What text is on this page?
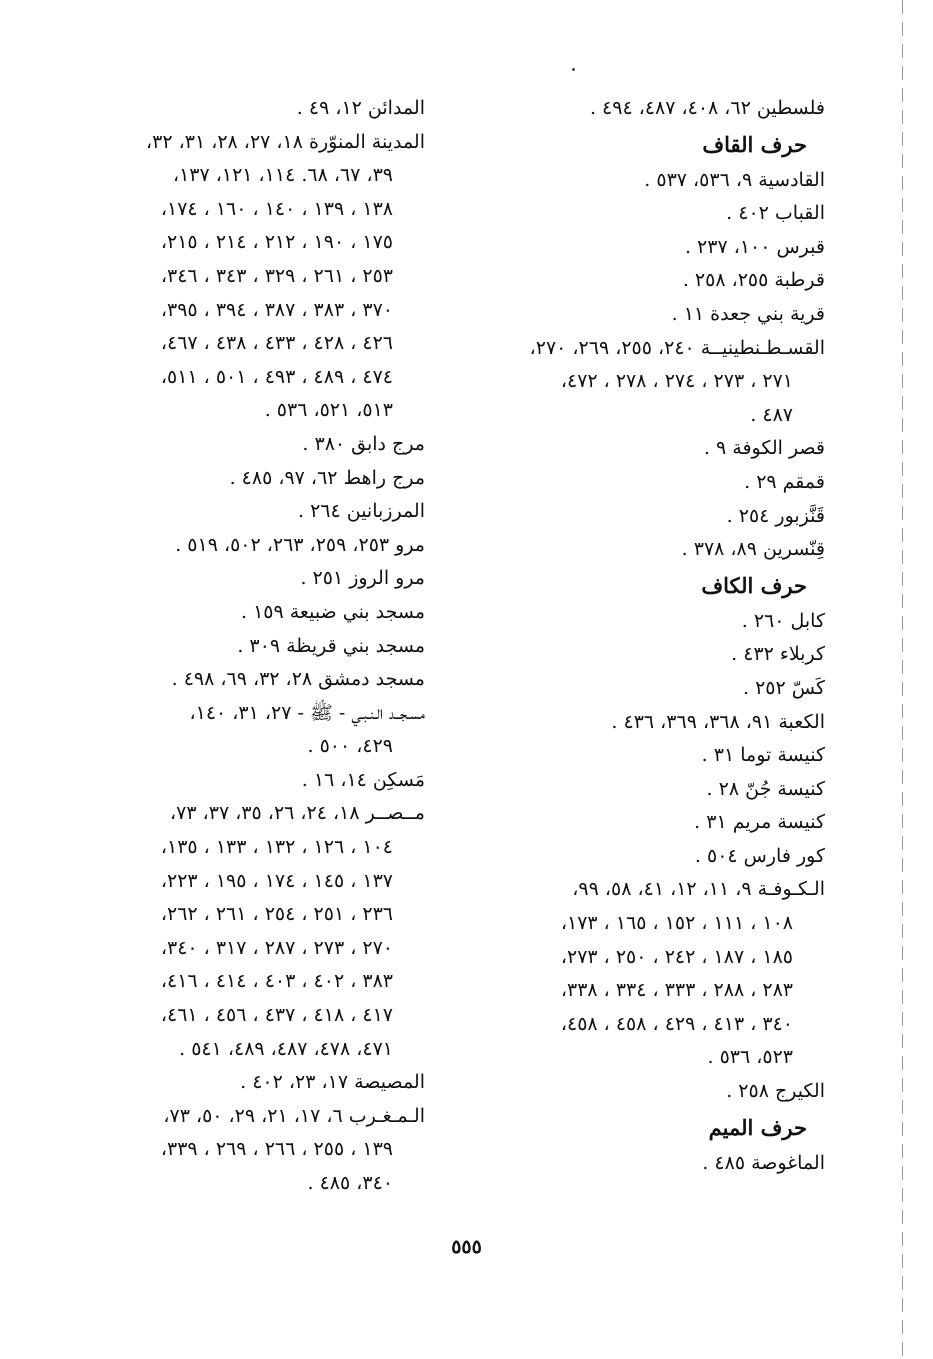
فلسطين ٦٢، ٤٠٨، ٤٨٧، ٤٩٤ .
حرف القاف
القادسية ٩، ٥٣٦، ٥٣٧ .
القباب ٤٠٢ .
قبرس ١٠٠، ٢٣٧ .
قرطبة ٢٥٥، ٢٥٨ .
قرية بني جعدة ١١ .
القسـطـنطينيــة ٢٤٠، ٢٥٥، ٢٦٩، ٢٧٠،
٢٧١ ، ٢٧٣ ، ٢٧٤ ، ٢٧٨ ، ٤٧٢،
٤٨٧ .
قصر الكوفة ٩ .
قمقم ٢٩ .
قَنَّزبور ٢٥٤ .
قِنّسرين ٨٩، ٣٧٨ .
حرف الكاف
كابل ٢٦٠ .
كربلاء ٤٣٢ .
كَسّ ٢٥٢ .
الكعبة ٩١، ٣٦٨، ٣٦٩، ٤٣٦ .
كنيسة توما ٣١ .
كنيسة جُنّ ٢٨ .
كنيسة مريم ٣١ .
كور فارس ٥٠٤ .
الـكـوفـة ٩، ١١، ١٢، ٤١، ٥٨، ٩٩،
١٠٨ ، ١١١ ، ١٥٢ ، ١٦٥ ، ١٧٣،
١٨٥ ، ١٨٧ ، ٢٤٢ ، ٢٥٠ ، ٢٧٣،
٢٨٣ ، ٢٨٨ ، ٣٣٣ ، ٣٣٤ ، ٣٣٨،
٣٤٠ ، ٤١٣ ، ٤٢٩ ، ٤٥٨ ، ٤٥٨،
٥٢٣، ٥٣٦ .
الكيرج ٢٥٨ .
حرف الميم
الماغوصة ٤٨٥ .
المدائن ١٢، ٤٩ .
المدينة المنوّرة ١٨، ٢٧، ٢٨، ٣١، ٣٢،
٣٩، ٦٧، ٦٨. ١١٤، ١٢١، ١٣٧،
١٣٨ ، ١٣٩ ، ١٤٠ ، ١٦٠ ، ١٧٤،
١٧٥ ، ١٩٠ ، ٢١٢ ، ٢١٤ ، ٢١٥،
٢٥٣ ، ٢٦١ ، ٣٢٩ ، ٣٤٣ ، ٣٤٦،
٣٧٠ ، ٣٨٣ ، ٣٨٧ ، ٣٩٤ ، ٣٩٥،
٤٢٦ ، ٤٢٨ ، ٤٣٣ ، ٤٣٨ ، ٤٦٧،
٤٧٤ ، ٤٨٩ ، ٤٩٣ ، ٥٠١ ، ٥١١،
٥١٣، ٥٢١، ٥٣٦ .
مرج دابق ٣٨٠ .
مرج راهط ٦٢، ٩٧، ٤٨٥ .
المرزبانين ٢٦٤ .
مرو ٢٥٣، ٢٥٩، ٢٦٣، ٥٠٢، ٥١٩ .
مرو الروز ٢٥١ .
مسجد بني ضبيعة ١٥٩ .
مسجد بني قريظة ٣٠٩ .
مسجد دمشق ٢٨، ٣٢، ٦٩، ٤٩٨ .
مسـجــد الـنـبـي - ﷺ - ٢٧، ٣١، ١٤٠،
٤٢٩، ٥٠٠ .
مَسكِن ١٤، ١٦ .
مــصــر ١٨، ٢٤، ٢٦، ٣٥، ٣٧، ٧٣،
١٠٤ ، ١٢٦ ، ١٣٢ ، ١٣٣ ، ١٣٥،
١٣٧ ، ١٤٥ ، ١٧٤ ، ١٩٥ ، ٢٢٣،
٢٣٦ ، ٢٥١ ، ٢٥٤ ، ٢٦١ ، ٢٦٢،
٢٧٠ ، ٢٧٣ ، ٢٨٧ ، ٣١٧ ، ٣٤٠،
٣٨٣ ، ٤٠٢ ، ٤٠٣ ، ٤١٤ ، ٤١٦،
٤١٧ ، ٤١٨ ، ٤٣٧ ، ٤٥٦ ، ٤٦١،
٤٧١، ٤٧٨، ٤٨٧، ٤٨٩، ٥٤١ .
المصيصة ١٧، ٢٣، ٤٠٢ .
الـمـغـرب ٦، ١٧، ٢١، ٢٩، ٥٠، ٧٣،
١٣٩ ، ٢٥٥ ، ٢٦٦ ، ٢٦٩ ، ٣٣٩،
٣٤٠، ٤٨٥ .
٥٥٥
